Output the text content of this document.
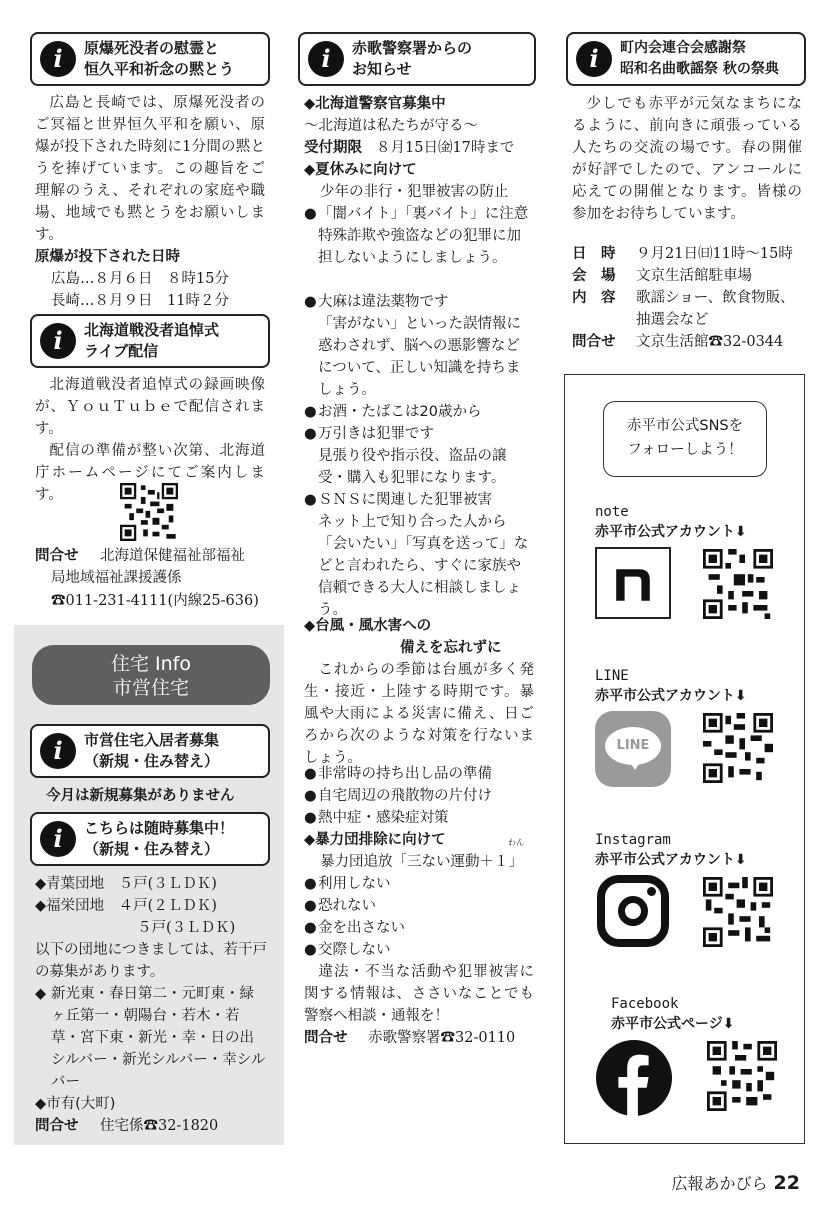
i	原爆死没者の慰霊と
恒久平和祈念の黙とう
広島と長崎では、原爆死没者のご冥福と世界恒久平和を願い、原爆が投下された時刻に1分間の黙とうを捧げています。この趣旨をご理解のうえ、それぞれの家庭や職場、地域でも黙とうをお願いします。
原爆が投下された日時
広島…８月６日　８時15分
長崎…８月９日　11時２分
i	北海道戦没者追悼式
ライブ配信
北海道戦没者追悼式の録画映像が、ＹｏｕＴｕｂｅで配信されます。
配信の準備が整い次第、北海道庁ホームページにてご案内します。
問合せ 北海道保健福祉部福祉
局地域福祉課援護係
☎011-231-4111(内線25-636)
住宅 Info
市営住宅
i	市営住宅入居者募集
（新規・住み替え）
今月は新規募集がありません
i	こちらは随時募集中！
（新規・住み替え）
◆青葉団地　５戸(３ＬＤＫ)
◆福栄団地　４戸(２ＬＤＫ)
５戸(３ＬＤＫ)
以下の団地につきましては、若干戸の募集があります。
◆ 新光東・春日第二・元町東・緑ヶ丘第一・朝陽台・若木・若草・宮下東・新光・幸・日の出シルバー・新光シルバー・幸シルバー
◆市有(大町)
問合せ 住宅係☎32-1820
i	赤歌警察署からの
お知らせ
◆北海道警察官募集中
～北海道は私たちが守る～
受付期限 ８月15日㈮17時まで
◆夏休みに向けて
少年の非行・犯罪被害の防止
● 「闇バイト」「裏バイト」に注意
特殊詐欺や強盗などの犯罪に加担しないようにしましょう。
● 大麻は違法薬物です
「害がない」といった誤情報に惑わされず、脳への悪影響などについて、正しい知識を持ちましょう。
● お酒・たばこは20歳から
● 万引きは犯罪です
見張り役や指示役、盗品の譲受・購入も犯罪になります。
● ＳＮＳに関連した犯罪被害
ネット上で知り合った人から「会いたい」「写真を送って」などと言われたら、すぐに家族や信頼できる大人に相談しましょう。
◆台風・風水害への
備えを忘れずに
これからの季節は台風が多く発生・接近・上陸する時期です。暴風や大雨による災害に備え、日ごろから次のような対策を行ないましょう。
● 非常時の持ち出し品の準備
● 自宅周辺の飛散物の片付け
● 熱中症・感染症対策
◆暴力団排除に向けて	わん
暴力団追放「三ない運動＋１」
● 利用しない
● 恐れない
● 金を出さない
● 交際しない
違法・不当な活動や犯罪被害に関する情報は、ささいなことでも警察へ相談・通報を！
問合せ 赤歌警察署☎32-0110
i	町内会連合会感謝祭
昭和名曲歌謡祭 秋の祭典
少しでも赤平が元気なまちになるように、前向きに頑張っている人たちの交流の場です。春の開催が好評でしたので、アンコールに応えての開催となります。皆様の参加をお待ちしています。
日　時 ９月21日㈰11時～15時
会　場 文京生活館駐車場
内　容 歌謡ショー、飲食物販、抽選会など
問合せ 文京生活館☎32-0344
赤平市公式SNSを
フォローしよう！
note
赤平市公式アカウント⬇
LINE
赤平市公式アカウント⬇
LINE
Instagram
赤平市公式アカウント⬇
Facebook
赤平市公式ページ⬇
広報あかびら 22
